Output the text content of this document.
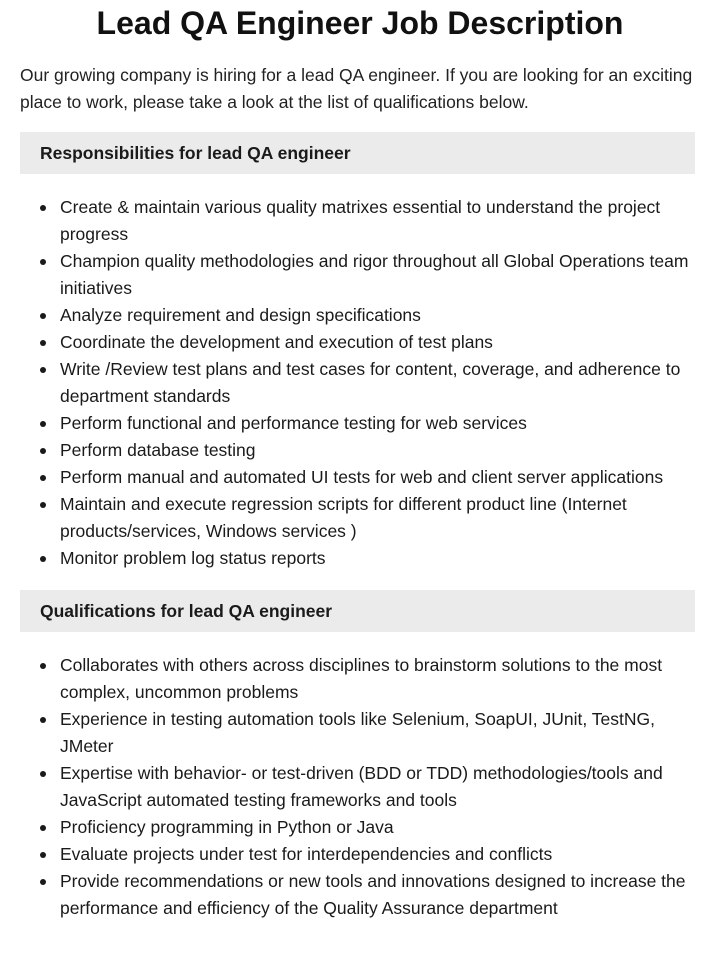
Lead QA Engineer Job Description

Our growing company is hiring for a lead QA engineer. If you are looking for an exciting place to work, please take a look at the list of qualifications below.

Responsibilities for lead QA engineer
Create & maintain various quality matrixes essential to understand the project progress
Champion quality methodologies and rigor throughout all Global Operations team initiatives
Analyze requirement and design specifications
Coordinate the development and execution of test plans
Write /Review test plans and test cases for content, coverage, and adherence to department standards
Perform functional and performance testing for web services
Perform database testing
Perform manual and automated UI tests for web and client server applications
Maintain and execute regression scripts for different product line (Internet products/services, Windows services )
Monitor problem log status reports
Qualifications for lead QA engineer
Collaborates with others across disciplines to brainstorm solutions to the most complex, uncommon problems
Experience in testing automation tools like Selenium, SoapUI, JUnit, TestNG, JMeter
Expertise with behavior- or test-driven (BDD or TDD) methodologies/tools and JavaScript automated testing frameworks and tools
Proficiency programming in Python or Java
Evaluate projects under test for interdependencies and conflicts
Provide recommendations or new tools and innovations designed to increase the performance and efficiency of the Quality Assurance department
